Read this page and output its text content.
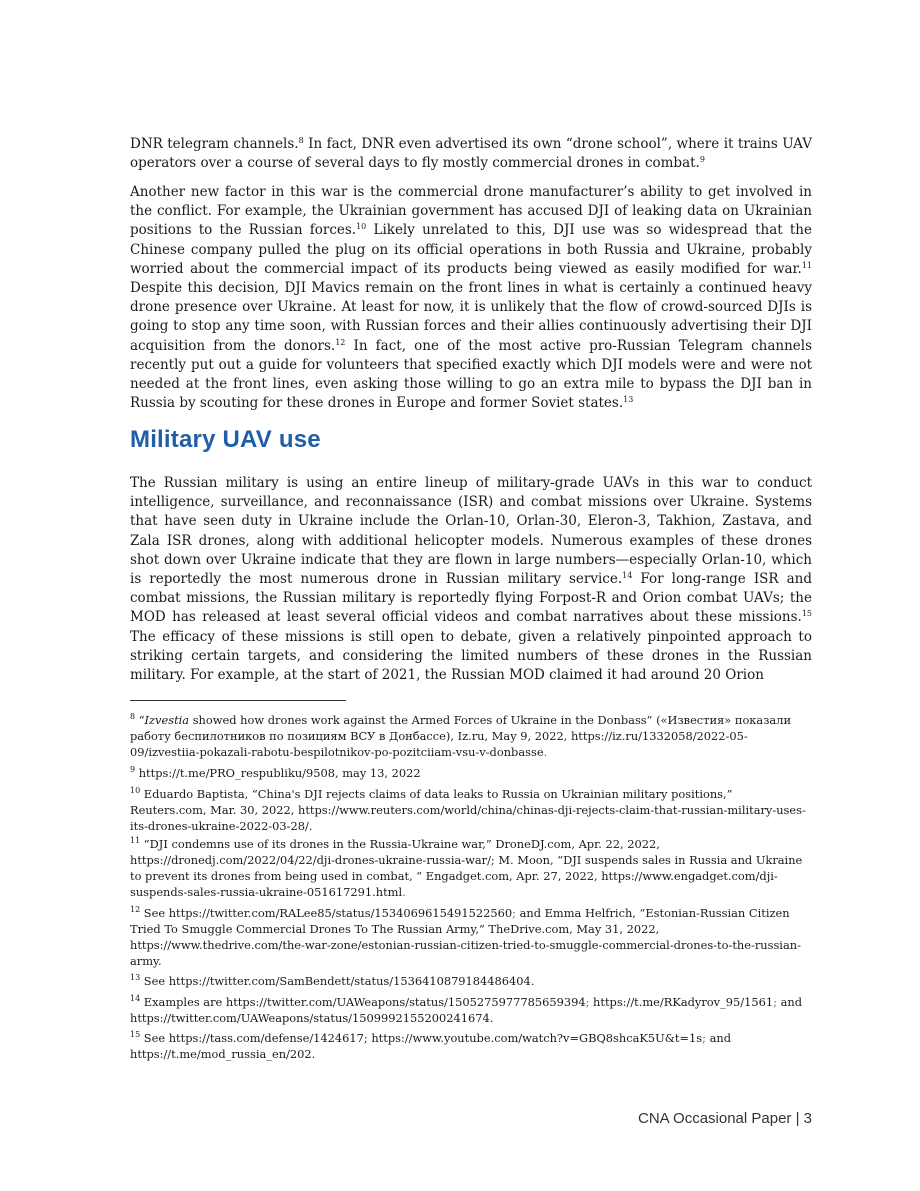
DNR telegram channels.$^8$ In fact, DNR even advertised its own “drone school”, where it trains UAV operators over a course of several days to fly mostly commercial drones in combat.$^9$

Another new factor in this war is the commercial drone manufacturer’s ability to get involved in the conflict. For example, the Ukrainian government has accused DJI of leaking data on Ukrainian positions to the Russian forces.$^{10}$ Likely unrelated to this, DJI use was so widespread that the Chinese company pulled the plug on its official operations in both Russia and Ukraine, probably worried about the commercial impact of its products being viewed as easily modified for war.$^{11}$ Despite this decision, DJI Mavics remain on the front lines in what is certainly a continued heavy drone presence over Ukraine. At least for now, it is unlikely that the flow of crowd-sourced DJIs is going to stop any time soon, with Russian forces and their allies continuously advertising their DJI acquisition from the donors.$^{12}$ In fact, one of the most active pro-Russian Telegram channels recently put out a guide for volunteers that specified exactly which DJI models were and were not needed at the front lines, even asking those willing to go an extra mile to bypass the DJI ban in Russia by scouting for these drones in Europe and former Soviet states.$^{13}$

Military UAV use

The Russian military is using an entire lineup of military-grade UAVs in this war to conduct intelligence, surveillance, and reconnaissance (ISR) and combat missions over Ukraine. Systems that have seen duty in Ukraine include the Orlan-10, Orlan-30, Eleron-3, Takhion, Zastava, and Zala ISR drones, along with additional helicopter models. Numerous examples of these drones shot down over Ukraine indicate that they are flown in large numbers—especially Orlan-10, which is reportedly the most numerous drone in Russian military service.$^{14}$ For long-range ISR and combat missions, the Russian military is reportedly flying Forpost-R and Orion combat UAVs; the MOD has released at least several official videos and combat narratives about these missions.$^{15}$ The efficacy of these missions is still open to debate, given a relatively pinpointed approach to striking certain targets, and considering the limited numbers of these drones in the Russian military. For example, at the start of 2021, the Russian MOD claimed it had around 20 Orion

$^8$ “Izvestia showed how drones work against the Armed Forces of Ukraine in the Donbass” («Известия» показали работу беспилотников по позициям ВСУ в Донбассе), Iz.ru, May 9, 2022, https://iz.ru/1332058/2022-05-09/izvestiia-pokazali-rabotu-bespilotnikov-po-pozitciiam-vsu-v-donbasse.

$^9$ https://t.me/PRO_respubliku/9508, may 13, 2022

$^{10}$ Eduardo Baptista, “China's DJI rejects claims of data leaks to Russia on Ukrainian military positions,” Reuters.com, Mar. 30, 2022, https://www.reuters.com/world/china/chinas-dji-rejects-claim-that-russian-military-uses-its-drones-ukraine-2022-03-28/.

$^{11}$ “DJI condemns use of its drones in the Russia-Ukraine war,” DroneDJ.com, Apr. 22, 2022, https://dronedj.com/2022/04/22/dji-drones-ukraine-russia-war/; M. Moon, “DJI suspends sales in Russia and Ukraine to prevent its drones from being used in combat, “ Engadget.com, Apr. 27, 2022, https://www.engadget.com/dji-suspends-sales-russia-ukraine-051617291.html.

$^{12}$ See https://twitter.com/RALee85/status/1534069615491522560; and Emma Helfrich, “Estonian-Russian Citizen Tried To Smuggle Commercial Drones To The Russian Army,” TheDrive.com, May 31, 2022, https://www.thedrive.com/the-war-zone/estonian-russian-citizen-tried-to-smuggle-commercial-drones-to-the-russian-army.

$^{13}$ See https://twitter.com/SamBendett/status/1536410879184486404.

$^{14}$ Examples are https://twitter.com/UAWeapons/status/1505275977785659394; https://t.me/RKadyrov_95/1561; and https://twitter.com/UAWeapons/status/1509992155200241674.

$^{15}$ See https://tass.com/defense/1424617; https://www.youtube.com/watch?v=GBQ8shcaK5U&t=1s; and https://t.me/mod_russia_en/202.

CNA Occasional Paper | 3
